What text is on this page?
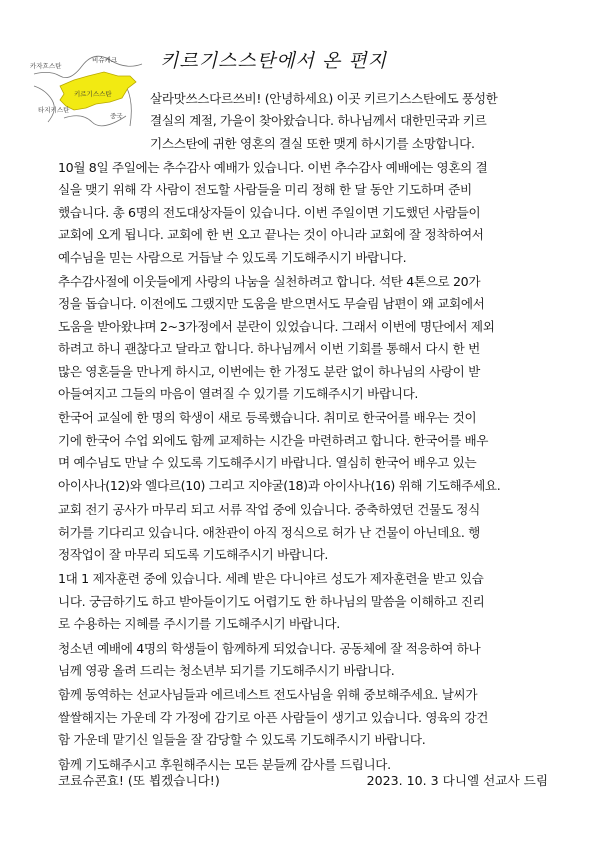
카자흐스탄
비슈케크
키르기스스탄
타지키스탄
중국
키르기스스탄에서 온 편지
살라맛쓰스다르쓰비! (안녕하세요) 이곳 키르기스스탄에도 풍성한
결실의 계절, 가을이 찾아왔습니다. 하나님께서 대한민국과 키르
기스스탄에 귀한 영혼의 결실 또한 맺게 하시기를 소망합니다.
10월 8일 주일에는 추수감사 예배가 있습니다. 이번 추수감사 예배에는 영혼의 결
실을 맺기 위해 각 사람이 전도할 사람들을 미리 정해 한 달 동안 기도하며 준비
했습니다. 총 6명의 전도대상자들이 있습니다. 이번 주일이면 기도했던 사람들이
교회에 오게 됩니다. 교회에 한 번 오고 끝나는 것이 아니라 교회에 잘 정착하여서
예수님을 믿는 사람으로 거듭날 수 있도록 기도해주시기 바랍니다.
추수감사절에 이웃들에게 사랑의 나눔을 실천하려고 합니다. 석탄 4톤으로 20가
정을 돕습니다. 이전에도 그랬지만 도움을 받으면서도 무슬림 남편이 왜 교회에서
도움을 받아왔냐며 2~3가정에서 분란이 있었습니다. 그래서 이번에 명단에서 제외
하려고 하니 괜찮다고 달라고 합니다. 하나님께서 이번 기회를 통해서 다시 한 번
많은 영혼들을 만나게 하시고, 이번에는 한 가정도 분란 없이 하나님의 사랑이 받
아들여지고 그들의 마음이 열려질 수 있기를 기도해주시기 바랍니다.
한국어 교실에 한 명의 학생이 새로 등록했습니다. 취미로 한국어를 배우는 것이
기에 한국어 수업 외에도 함께 교제하는 시간을 마련하려고 합니다. 한국어를 배우
며 예수님도 만날 수 있도록 기도해주시기 바랍니다. 열심히 한국어 배우고 있는
아이사나(12)와 엘다르(10) 그리고 지야굴(18)과 아이사나(16) 위해 기도해주세요.
교회 전기 공사가 마무리 되고 서류 작업 중에 있습니다. 중축하였던 건물도 정식
허가를 기다리고 있습니다. 애찬관이 아직 정식으로 허가 난 건물이 아닌데요. 행
정작업이 잘 마무리 되도록 기도해주시기 바랍니다.
1대 1 제자훈련 중에 있습니다. 세례 받은 다니야르 성도가 제자훈련을 받고 있습
니다. 궁금하기도 하고 받아들이기도 어렵기도 한 하나님의 말씀을 이해하고 진리
로 수용하는 지혜를 주시기를 기도해주시기 바랍니다.
청소년 예배에 4명의 학생들이 함께하게 되었습니다. 공동체에 잘 적응하여 하나
님께 영광 올려 드리는 청소년부 되기를 기도해주시기 바랍니다.
함께 동역하는 선교사님들과 에르네스트 전도사님을 위해 중보해주세요. 날씨가
쌀쌀해지는 가운데 각 가정에 감기로 아픈 사람들이 생기고 있습니다. 영육의 강건
함 가운데 맡기신 일들을 잘 감당할 수 있도록 기도해주시기 바랍니다.
함께 기도해주시고 후원해주시는 모든 분들께 감사를 드립니다.
코료슈콘효! (또 뵙겠습니다!)	2023. 10. 3 다니엘 선교사 드림
